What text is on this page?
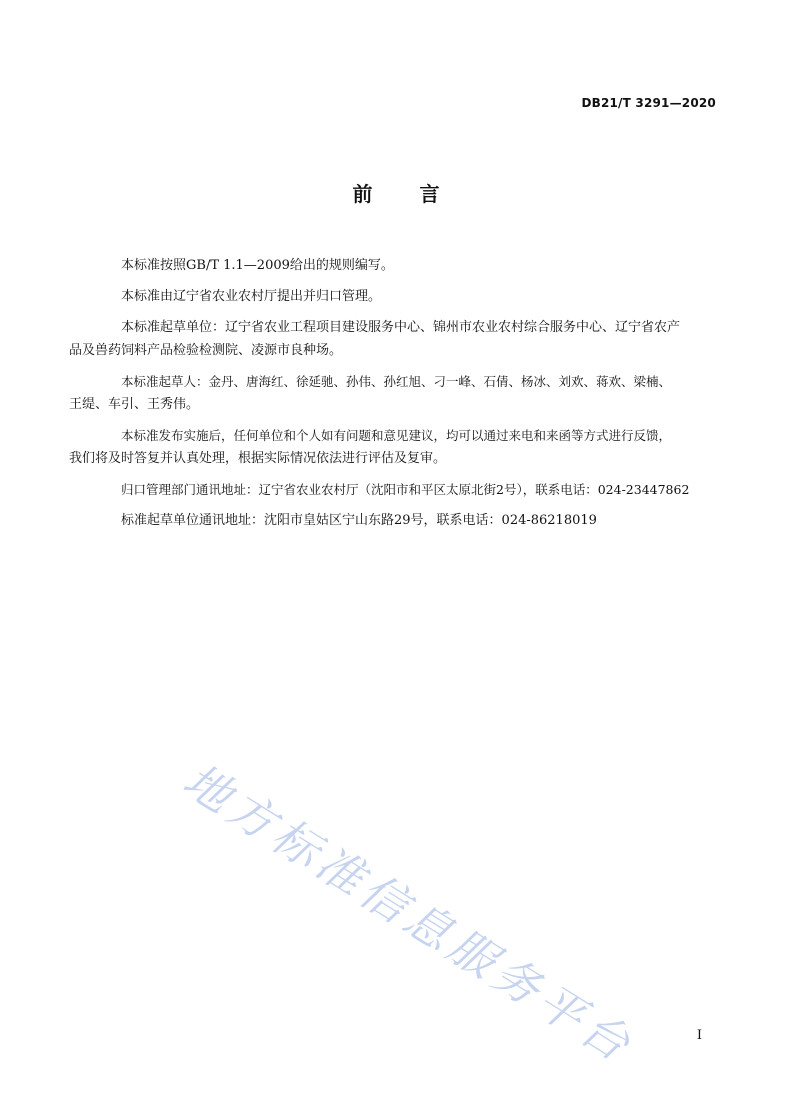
DB21/T 3291—2020
前 言

本标准按照GB/T 1.1—2009给出的规则编写。

本标准由辽宁省农业农村厅提出并归口管理。

本标准起草单位：辽宁省农业工程项目建设服务中心、锦州市农业农村综合服务中心、辽宁省农产
品及兽药饲料产品检验检测院、凌源市良种场。

本标准起草人：金丹、唐海红、徐延驰、孙伟、孙红旭、刁一峰、石倩、杨冰、刘欢、蒋欢、梁楠、
王缇、车引、王秀伟。

本标准发布实施后，任何单位和个人如有问题和意见建议，均可以通过来电和来函等方式进行反馈，
我们将及时答复并认真处理，根据实际情况依法进行评估及复审。

归口管理部门通讯地址：辽宁省农业农村厅（沈阳市和平区太原北街2号），联系电话：024-23447862

标准起草单位通讯地址：沈阳市皇姑区宁山东路29号，联系电话：024-86218019

地方标准信息服务平台	I
